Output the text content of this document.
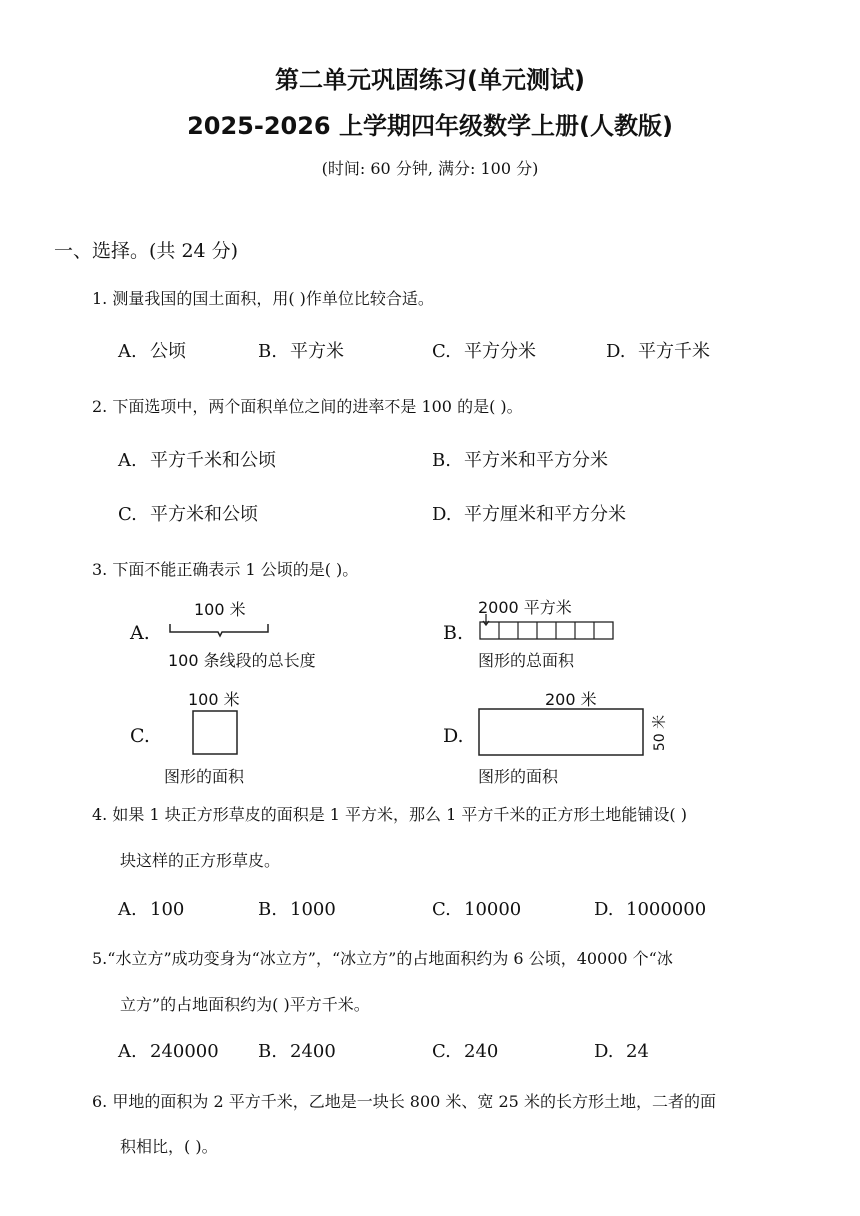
第二单元巩固练习(单元测试)
2025-2026 上学期四年级数学上册(人教版)
(时间: 60 分钟, 满分: 100 分)
一、选择。(共 24 分)
1. 测量我国的国土面积，用( )作单位比较合适。
A. 公顷	B. 平方米	C. 平方分米	D. 平方千米
2. 下面选项中，两个面积单位之间的进率不是 100 的是( )。
A. 平方千米和公顷	B. 平方米和平方分米
C. 平方米和公顷	D. 平方厘米和平方分米
3. 下面不能正确表示 1 公顷的是( )。
A.
100 米
100 条线段的总长度
B.
2000 平方米
图形的总面积
C.
100 米
图形的面积
D.
200 米
50 米
图形的面积
4. 如果 1 块正方形草皮的面积是 1 平方米，那么 1 平方千米的正方形土地能铺设( )
块这样的正方形草皮。
A. 100	B. 1000	C. 10000	D. 1000000
5.“水立方”成功变身为“冰立方”，“冰立方”的占地面积约为 6 公顷，40000 个“冰
立方”的占地面积约为( )平方千米。
A. 240000 B. 2400	C. 240	D. 24
6. 甲地的面积为 2 平方千米，乙地是一块长 800 米、宽 25 米的长方形土地，二者的面
积相比，( )。
